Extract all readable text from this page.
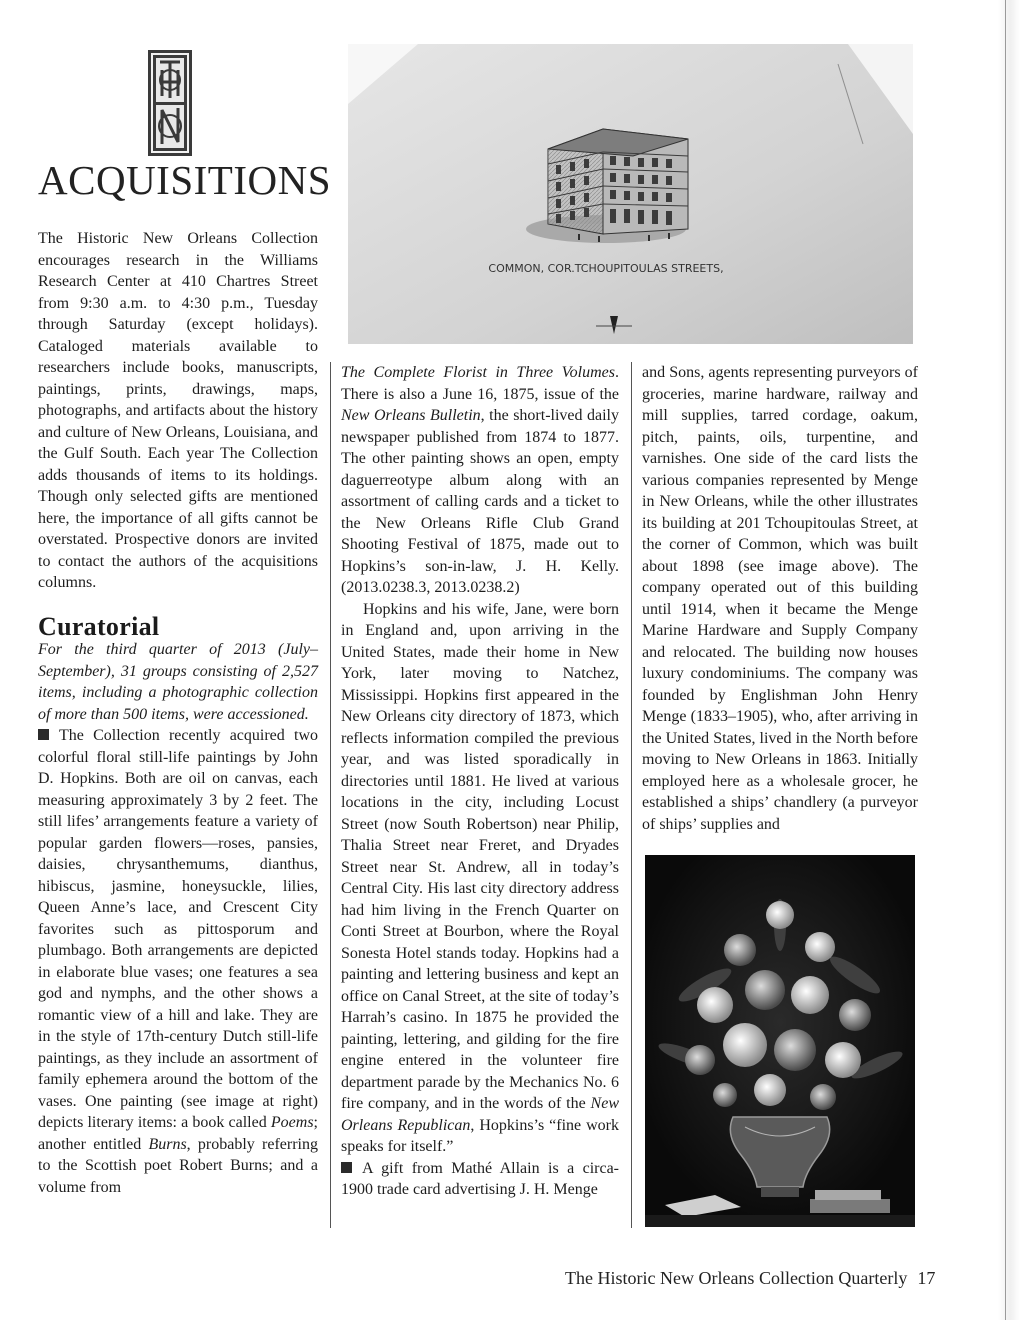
ACQUISITIONS

The Historic New Orleans Collection encourages research in the Williams Research Center at 410 Chartres Street from 9:30 a.m. to 4:30 p.m., Tuesday through Saturday (except holidays). Cataloged materials available to researchers include books, manuscripts, paintings, prints, drawings, maps, photographs, and artifacts about the history and culture of New Orleans, Louisiana, and the Gulf South. Each year The Collection adds thousands of items to its holdings. Though only selected gifts are mentioned here, the importance of all gifts cannot be overstated. Prospective donors are invited to contact the authors of the acquisitions columns.

Curatorial

For the third quarter of 2013 (July–September), 31 groups consisting of 2,527 items, including a photographic collection of more than 500 items, were accessioned.

The Collection recently acquired two colorful floral still-life paintings by John D. Hopkins. Both are oil on canvas, each measuring approximately 3 by 2 feet. The still lifes’ arrangements feature a variety of popular garden flowers—roses, pansies, daisies, chrysanthemums, dianthus, hibiscus, jasmine, honeysuckle, lilies, Queen Anne’s lace, and Crescent City favorites such as pittosporum and plumbago. Both arrangements are depicted in elaborate blue vases; one features a sea god and nymphs, and the other shows a romantic view of a hill and lake. They are in the style of 17th-century Dutch still-life paintings, as they include an assortment of family ephemera around the bottom of the vases. One painting (see image at right) depicts literary items: a book called Poems; another entitled Burns, probably referring to the Scottish poet Robert Burns; and a volume from

The Complete Florist in Three Volumes. There is also a June 16, 1875, issue of the New Orleans Bulletin, the short-lived daily newspaper published from 1874 to 1877. The other painting shows an open, empty daguerreotype album along with an assortment of calling cards and a ticket to the New Orleans Rifle Club Grand Shooting Festival of 1875, made out to Hopkins’s son-in-law, J. H. Kelly. (2013.0238.3, 2013.0238.2)

Hopkins and his wife, Jane, were born in England and, upon arriving in the United States, made their home in New York, later moving to Natchez, Mississippi. Hopkins first appeared in the New Orleans city directory of 1873, which reflects information compiled the previous year, and was listed sporadically in directories until 1881. He lived at various locations in the city, including Locust Street (now South Robertson) near Philip, Thalia Street near Freret, and Dryades Street near St. Andrew, all in today’s Central City. His last city directory address had him living in the French Quarter on Conti Street at Bourbon, where the Royal Sonesta Hotel stands today. Hopkins had a painting and lettering business and kept an office on Canal Street, at the site of today’s Harrah’s casino. In 1875 he provided the painting, lettering, and gilding for the fire engine entered in the volunteer fire department parade by the Mechanics No. 6 fire company, and in the words of the New Orleans Republican, Hopkins’s “fine work speaks for itself.”

A gift from Mathé Allain is a circa-1900 trade card advertising J. H. Menge

and Sons, agents representing purveyors of groceries, marine hardware, railway and mill supplies, tarred cordage, oakum, pitch, paints, oils, turpentine, and varnishes. One side of the card lists the various companies represented by Menge in New Orleans, while the other illustrates its building at 201 Tchoupitoulas Street, at the corner of Common, which was built about 1898 (see image above). The company operated out of this building until 1914, when it became the Menge Marine Hardware and Supply Company and relocated. The building now houses luxury condominiums. The company was founded by Englishman John Henry Menge (1833–1905), who, after arriving in the United States, lived in the North before moving to New Orleans in 1863. Initially employed here as a wholesale grocer, he established a ships’ chandlery (a purveyor of ships’ supplies and

COMMON, COR.TCHOUPITOULAS STREETS,
The Historic New Orleans Collection Quarterly 17
